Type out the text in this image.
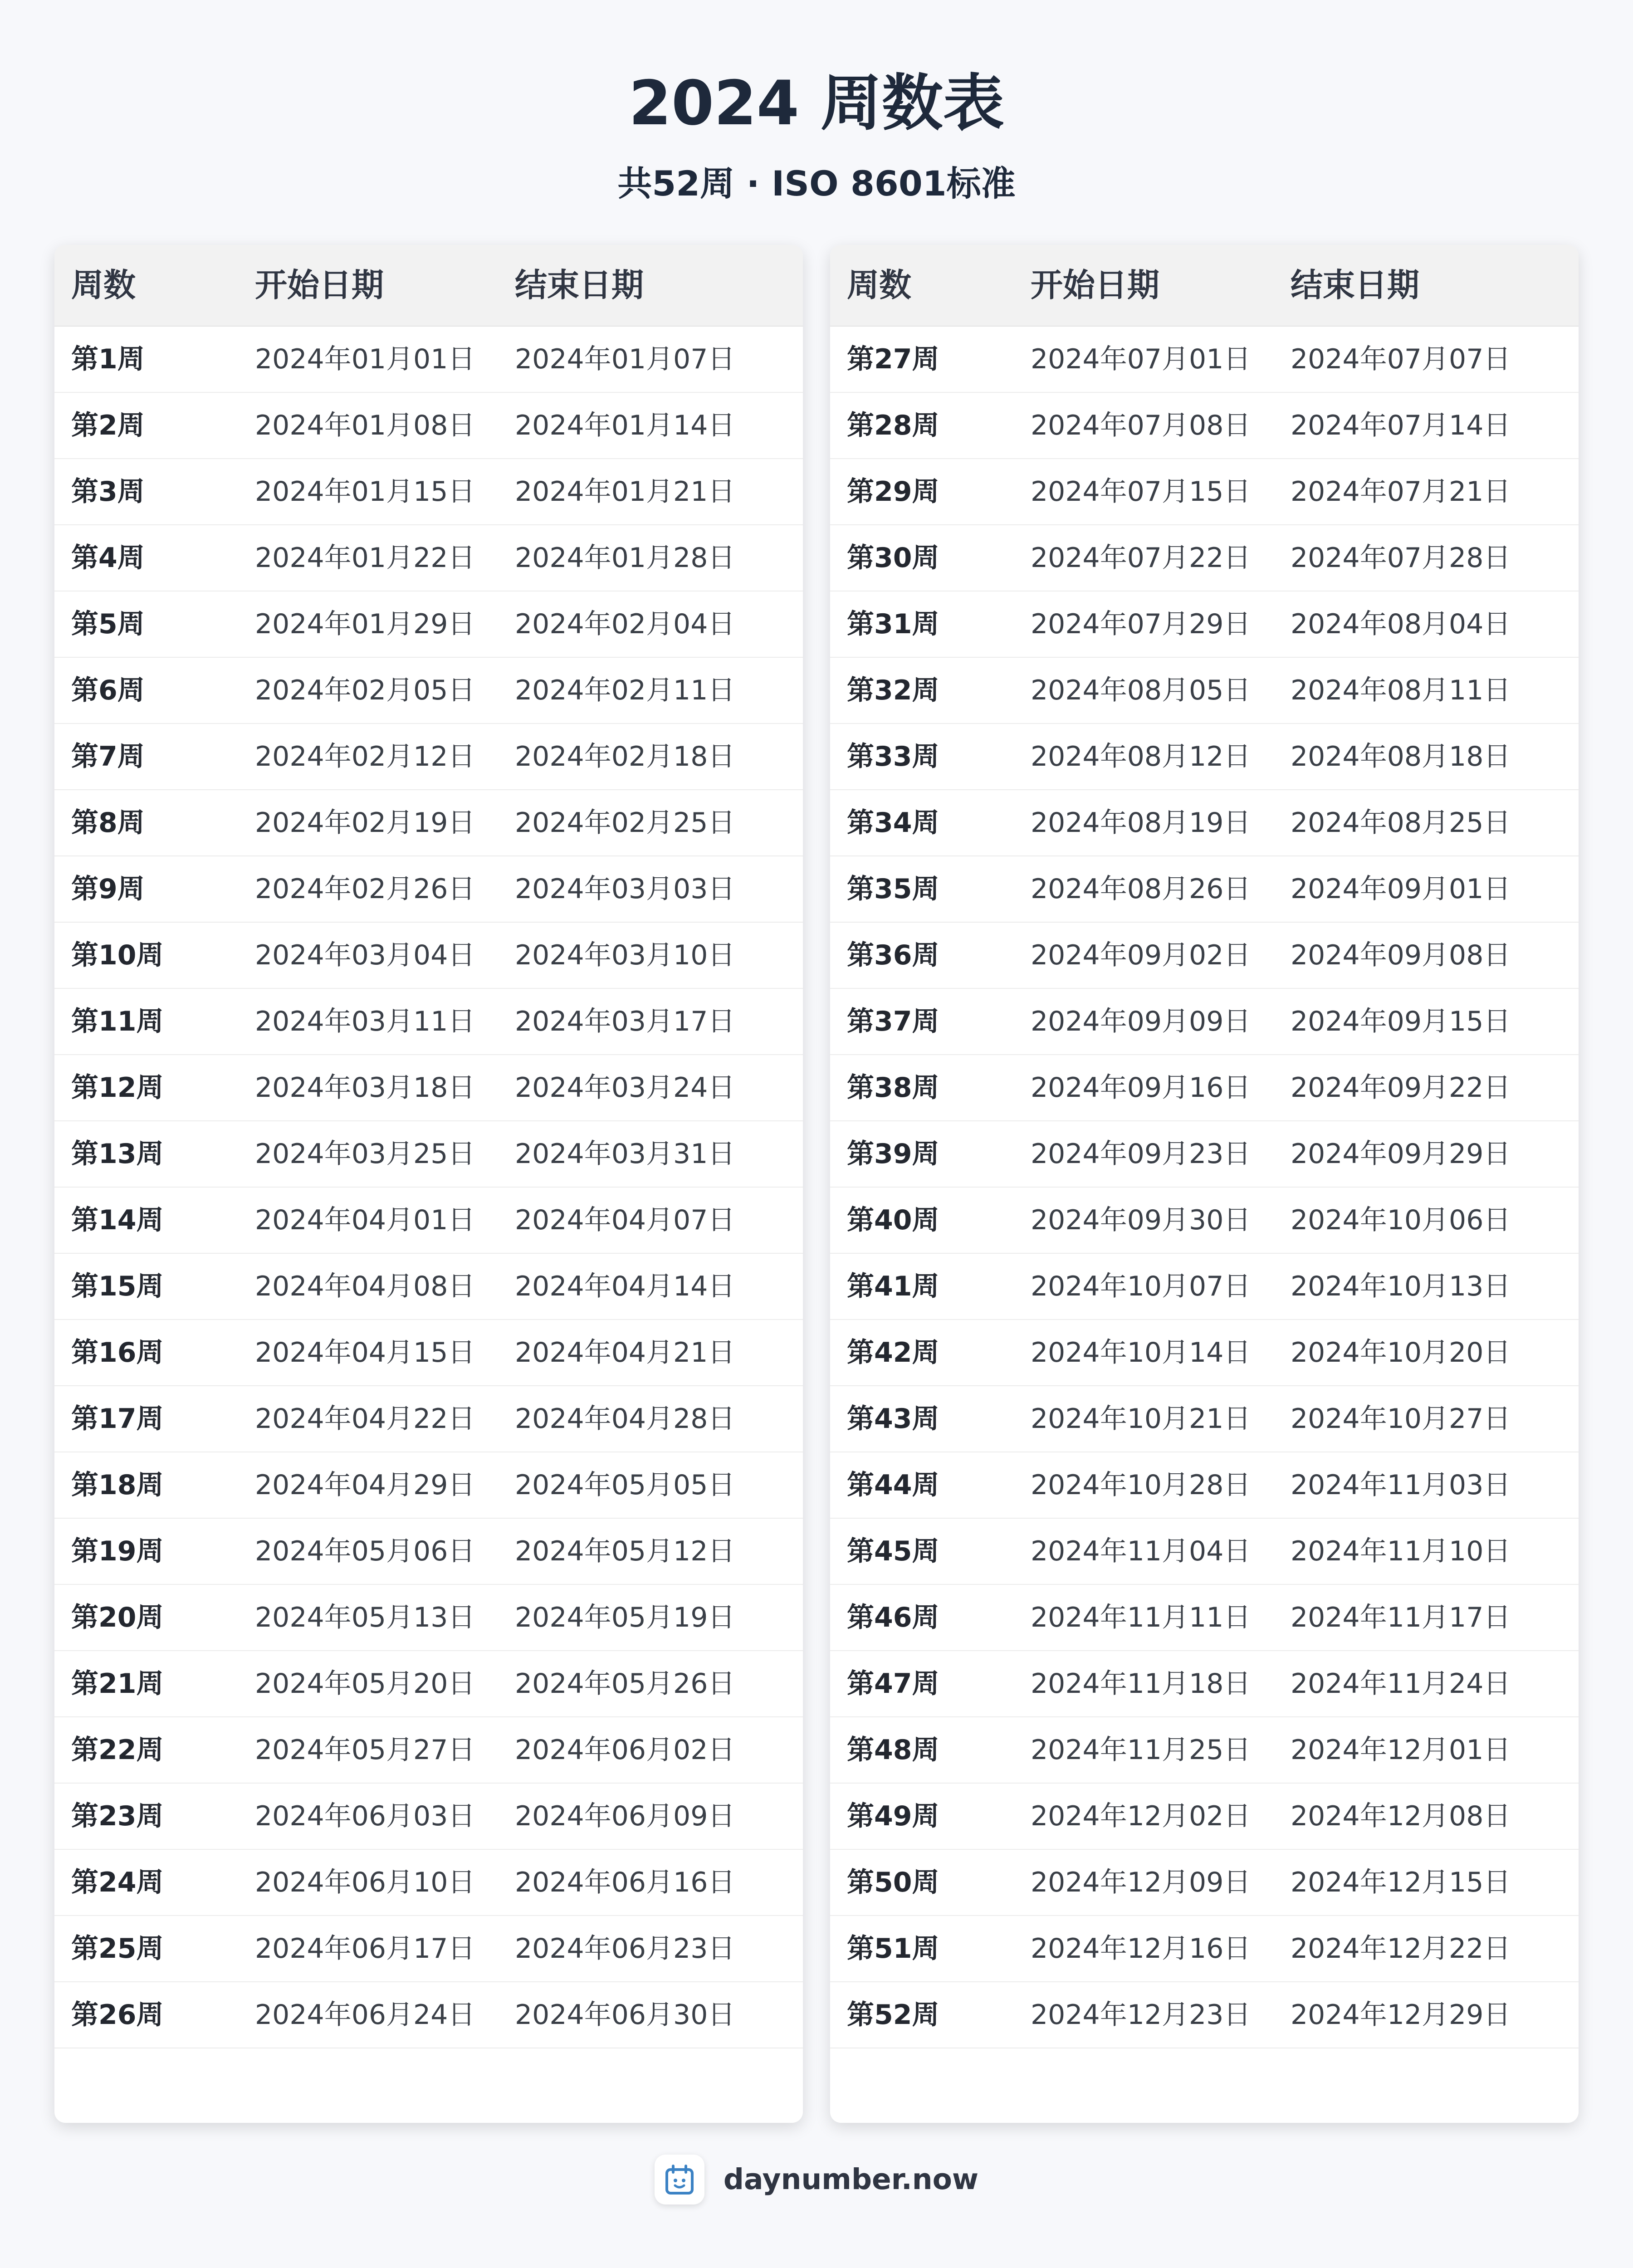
2024 周数表
共52周 · ISO 8601标准
周数	开始日期	结束日期
第1周	2024年01月01日	2024年01月07日
第2周	2024年01月08日	2024年01月14日
第3周	2024年01月15日	2024年01月21日
第4周	2024年01月22日	2024年01月28日
第5周	2024年01月29日	2024年02月04日
第6周	2024年02月05日	2024年02月11日
第7周	2024年02月12日	2024年02月18日
第8周	2024年02月19日	2024年02月25日
第9周	2024年02月26日	2024年03月03日
第10周	2024年03月04日	2024年03月10日
第11周	2024年03月11日	2024年03月17日
第12周	2024年03月18日	2024年03月24日
第13周	2024年03月25日	2024年03月31日
第14周	2024年04月01日	2024年04月07日
第15周	2024年04月08日	2024年04月14日
第16周	2024年04月15日	2024年04月21日
第17周	2024年04月22日	2024年04月28日
第18周	2024年04月29日	2024年05月05日
第19周	2024年05月06日	2024年05月12日
第20周	2024年05月13日	2024年05月19日
第21周	2024年05月20日	2024年05月26日
第22周	2024年05月27日	2024年06月02日
第23周	2024年06月03日	2024年06月09日
第24周	2024年06月10日	2024年06月16日
第25周	2024年06月17日	2024年06月23日
第26周	2024年06月24日	2024年06月30日
周数	开始日期	结束日期
第27周	2024年07月01日	2024年07月07日
第28周	2024年07月08日	2024年07月14日
第29周	2024年07月15日	2024年07月21日
第30周	2024年07月22日	2024年07月28日
第31周	2024年07月29日	2024年08月04日
第32周	2024年08月05日	2024年08月11日
第33周	2024年08月12日	2024年08月18日
第34周	2024年08月19日	2024年08月25日
第35周	2024年08月26日	2024年09月01日
第36周	2024年09月02日	2024年09月08日
第37周	2024年09月09日	2024年09月15日
第38周	2024年09月16日	2024年09月22日
第39周	2024年09月23日	2024年09月29日
第40周	2024年09月30日	2024年10月06日
第41周	2024年10月07日	2024年10月13日
第42周	2024年10月14日	2024年10月20日
第43周	2024年10月21日	2024年10月27日
第44周	2024年10月28日	2024年11月03日
第45周	2024年11月04日	2024年11月10日
第46周	2024年11月11日	2024年11月17日
第47周	2024年11月18日	2024年11月24日
第48周	2024年11月25日	2024年12月01日
第49周	2024年12月02日	2024年12月08日
第50周	2024年12月09日	2024年12月15日
第51周	2024年12月16日	2024年12月22日
第52周	2024年12月23日	2024年12月29日
daynumber.now
